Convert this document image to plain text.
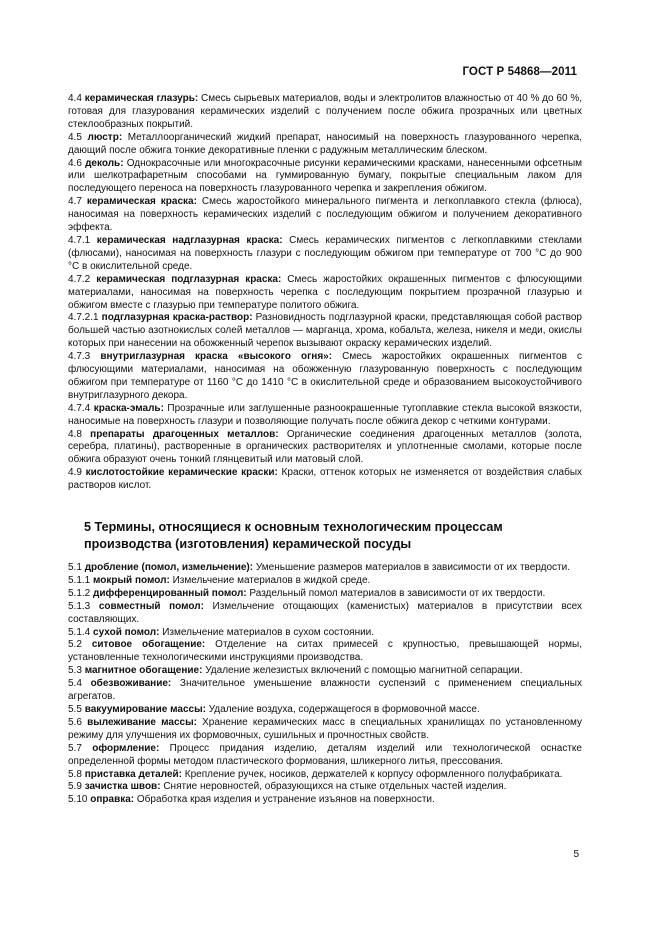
ГОСТ Р 54868—2011

4.4 керамическая глазурь: Смесь сырьевых материалов, воды и электролитов влажностью от 40 % до 60 %, готовая для глазурования керамических изделий с получением после обжига прозрачных или цветных стеклообразных покрытий.

4.5 люстр: Металлоорганический жидкий препарат, наносимый на поверхность глазурованного черепка, дающий после обжига тонкие декоративные пленки с радужным металлическим блеском.

4.6 деколь: Однокрасочные или многокрасочные рисунки керамическими красками, нанесенными офсетным или шелкотрафаретным способами на гуммированную бумагу, покрытые специальным лаком для последующего переноса на поверхность глазурованного черепка и закрепления обжигом.

4.7 керамическая краска: Смесь жаростойкого минерального пигмента и легкоплавкого стекла (флюса), наносимая на поверхность керамических изделий с последующим обжигом и получением декоративного эффекта.

4.7.1 керамическая надглазурная краска: Смесь керамических пигментов с легкоплавкими стеклами (флюсами), наносимая на поверхность глазури с последующим обжигом при температуре от 700 °С до 900 °С в окислительной среде.

4.7.2 керамическая подглазурная краска: Смесь жаростойких окрашенных пигментов с флюсующими материалами, наносимая на поверхность черепка с последующим покрытием прозрачной глазурью и обжигом вместе с глазурью при температуре политого обжига.

4.7.2.1 подглазурная краска-раствор: Разновидность подглазурной краски, представляющая собой раствор большей частью азотнокислых солей металлов — марганца, хрома, кобальта, железа, никеля и меди, окислы которых при нанесении на обожженный черепок вызывают окраску керамических изделий.

4.7.3 внутриглазурная краска «высокого огня»: Смесь жаростойких окрашенных пигментов с флюсующими материалами, наносимая на обожженную глазурованную поверхность с последующим обжигом при температуре от 1160 °С до 1410 °С в окислительной среде и образованием высокоустойчивого внутриглазурного декора.

4.7.4 краска-эмаль: Прозрачные или заглушенные разноокрашенные тугоплавкие стекла высокой вязкости, наносимые на поверхность глазури и позволяющие получать после обжига декор с четкими контурами.

4.8 препараты драгоценных металлов: Органические соединения драгоценных металлов (золота, серебра, платины), растворенные в органических растворителях и уплотненные смолами, которые после обжига образуют очень тонкий глянцевитый или матовый слой.

4.9 кислотостойкие керамические краски: Краски, оттенок которых не изменяется от воздействия слабых растворов кислот.

5 Термины, относящиеся к основным технологическим процессам производства (изготовления) керамической посуды

5.1 дробление (помол, измельчение): Уменьшение размеров материалов в зависимости от их твердости.

5.1.1 мокрый помол: Измельчение материалов в жидкой среде.

5.1.2 дифференцированный помол: Раздельный помол материалов в зависимости от их твердости.

5.1.3 совместный помол: Измельчение отощающих (каменистых) материалов в присутствии всех составляющих.

5.1.4 сухой помол: Измельчение материалов в сухом состоянии.

5.2 ситовое обогащение: Отделение на ситах примесей с крупностью, превышающей нормы, установленные технологическими инструкциями производства.

5.3 магнитное обогащение: Удаление железистых включений с помощью магнитной сепарации.

5.4 обезвоживание: Значительное уменьшение влажности суспензий с применением специальных агрегатов.

5.5 вакуумирование массы: Удаление воздуха, содержащегося в формовочной массе.

5.6 вылеживание массы: Хранение керамических масс в специальных хранилищах по установленному режиму для улучшения их формовочных, сушильных и прочностных свойств.

5.7 оформление: Процесс придания изделию, деталям изделий или технологической оснастке определенной формы методом пластического формования, шликерного литья, прессования.

5.8 приставка деталей: Крепление ручек, носиков, держателей к корпусу оформленного полуфабриката.

5.9 зачистка швов: Снятие неровностей, образующихся на стыке отдельных частей изделия.

5.10 оправка: Обработка края изделия и устранение изъянов на поверхности.

5
